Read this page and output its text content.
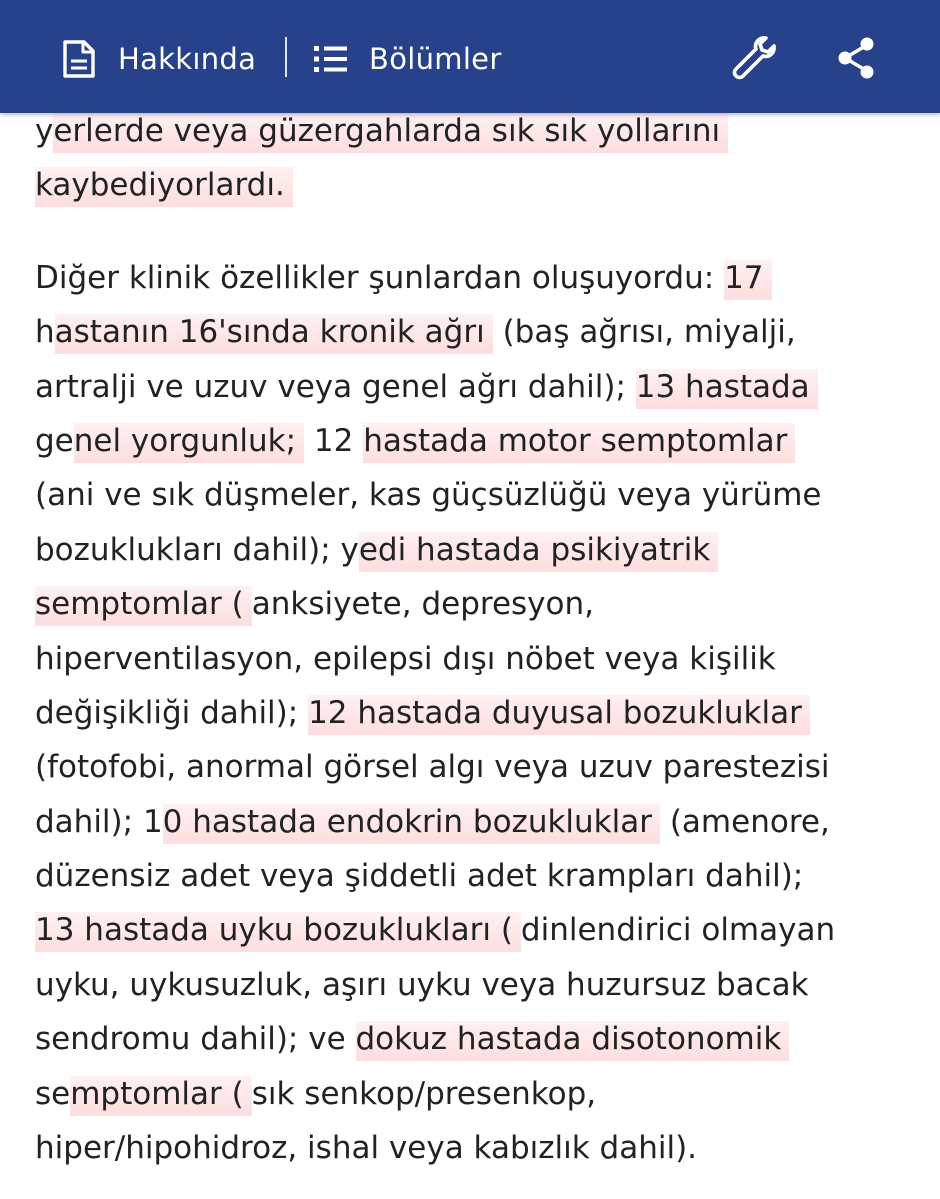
Hakkında	Bölümler

yerlerde veya güzergahlarda sık sık yollarını
kaybediyorlardı.

Diğer klinik özellikler şunlardan oluşuyordu: 17
hastanın 16'sında kronik ağrı (baş ağrısı, miyalji,
artralji ve uzuv veya genel ağrı dahil); 13 hastada
genel yorgunluk; 12 hastada motor semptomlar
(ani ve sık düşmeler, kas güçsüzlüğü veya yürüme
bozuklukları dahil); yedi hastada psikiyatrik
semptomlar ( anksiyete, depresyon,
hiperventilasyon, epilepsi dışı nöbet veya kişilik
değişikliği dahil); 12 hastada duyusal bozukluklar
(fotofobi, anormal görsel algı veya uzuv parestezisi
dahil); 10 hastada endokrin bozukluklar (amenore,
düzensiz adet veya şiddetli adet krampları dahil);
13 hastada uyku bozuklukları ( dinlendirici olmayan
uyku, uykusuzluk, aşırı uyku veya huzursuz bacak
sendromu dahil); ve dokuz hastada disotonomik
semptomlar ( sık senkop/presenkop,
hiper/hipohidroz, ishal veya kabızlık dahil).
